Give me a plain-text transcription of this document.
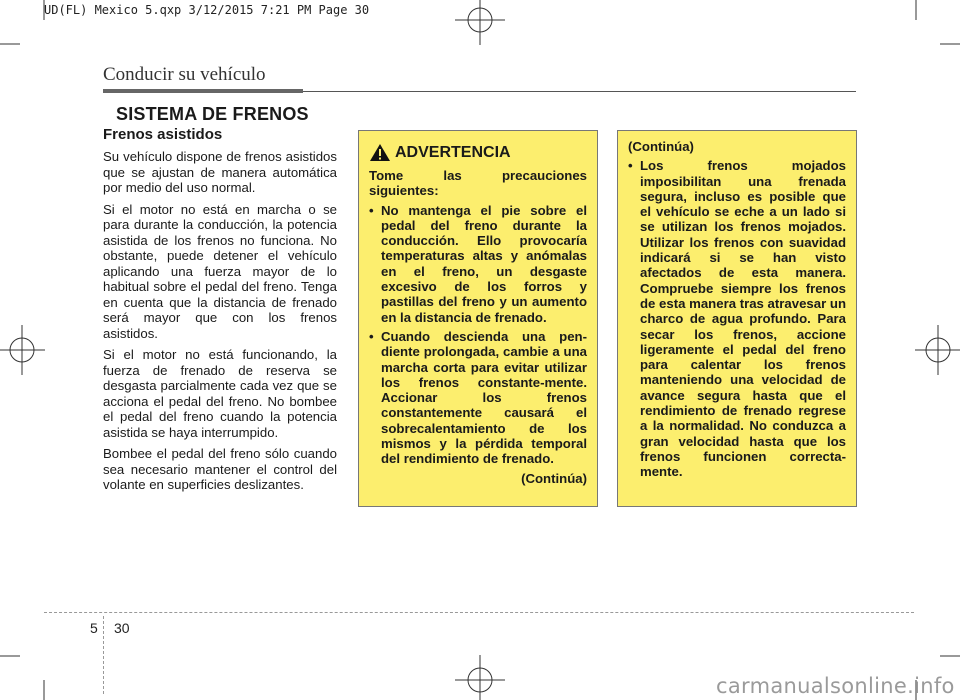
UD(FL) Mexico 5.qxp 3/12/2015 7:21 PM Page 30
Conducir su vehículo
SISTEMA DE FRENOS
Frenos asistidos

Su vehículo dispone de frenos asistidos que se ajustan de manera automática por medio del uso normal.

Si el motor no está en marcha o se para durante la conducción, la potencia asistida de los frenos no funciona. No obstante, puede detener el vehículo aplicando una fuerza mayor de lo habitual sobre el pedal del freno. Tenga en cuenta que la distancia de frenado será mayor que con los frenos asistidos.

Si el motor no está funcionando, la fuerza de frenado de reserva se desgasta parcialmente cada vez que se acciona el pedal del freno. No bombee el pedal del freno cuando la potencia asistida se haya interrumpido.

Bombee el pedal del freno sólo cuando sea necesario mantener el control del volante en superficies deslizantes.

ADVERTENCIA

Tome las precauciones siguientes:

• No mantenga el pie sobre el pedal del freno durante la conducción. Ello provocaría temperaturas altas y anómalas en el freno, un desgaste excesivo de los forros y pastillas del freno y un aumento en la distancia de frenado.
• Cuando descienda una pen-diente prolongada, cambie a una marcha corta para evitar utilizar los frenos constante-mente. Accionar los frenos constantemente causará el sobrecalentamiento de los mismos y la pérdida temporal del rendimiento de frenado.
(Continúa)

(Continúa)

• Los frenos mojados imposibilitan una frenada segura, incluso es posible que el vehículo se eche a un lado si se utilizan los frenos mojados. Utilizar los frenos con suavidad indicará si se han visto afectados de esta manera. Compruebe siempre los frenos de esta manera tras atravesar un charco de agua profundo. Para secar los frenos, accione ligeramente el pedal del freno para calentar los frenos manteniendo una velocidad de avance segura hasta que el rendimiento de frenado regrese a la normalidad. No conduzca a gran velocidad hasta que los frenos funcionen correcta-mente.
5 30
carmanualsonline.info
